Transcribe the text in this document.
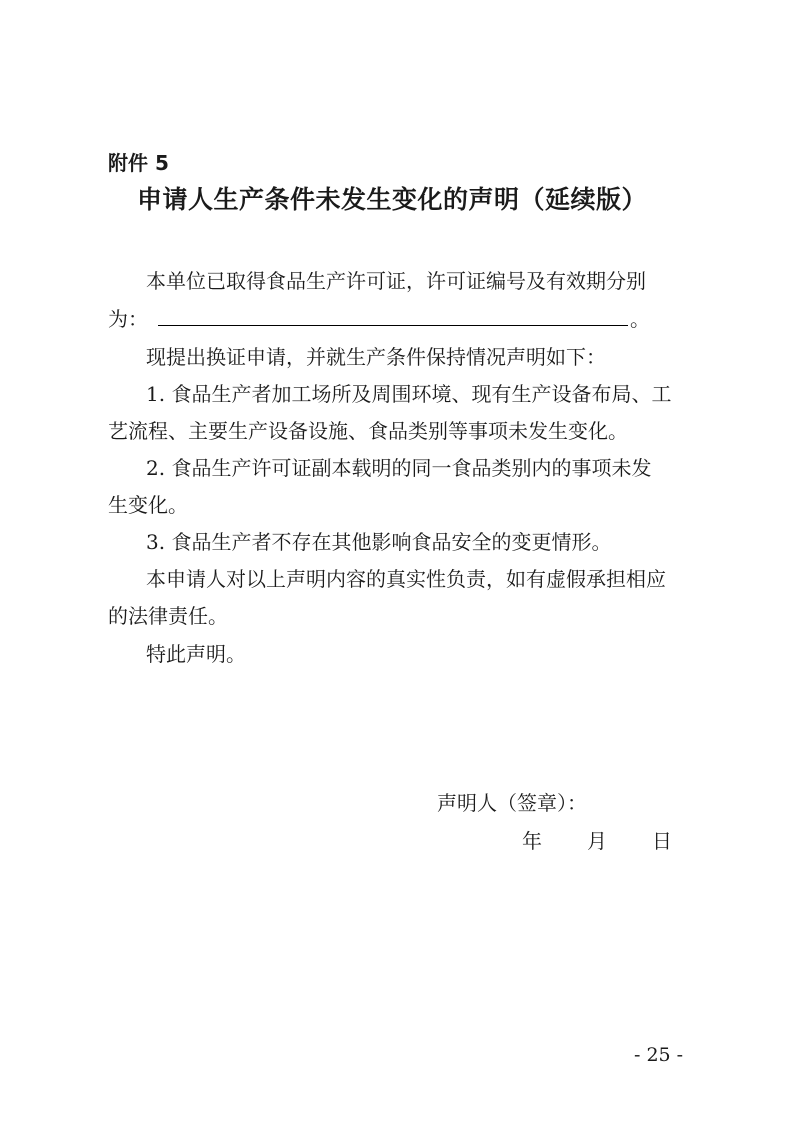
附件 5
申请人生产条件未发生变化的声明（延续版）
本单位已取得食品生产许可证，许可证编号及有效期分别
为：	。
现提出换证申请，并就生产条件保持情况声明如下：
1. 食品生产者加工场所及周围环境、现有生产设备布局、工
艺流程、主要生产设备设施、食品类别等事项未发生变化。
2. 食品生产许可证副本载明的同一食品类别内的事项未发
生变化。
3. 食品生产者不存在其他影响食品安全的变更情形。
本申请人对以上声明内容的真实性负责，如有虚假承担相应
的法律责任。
特此声明。
声明人（签章）：
年 月 日
- 25 -
